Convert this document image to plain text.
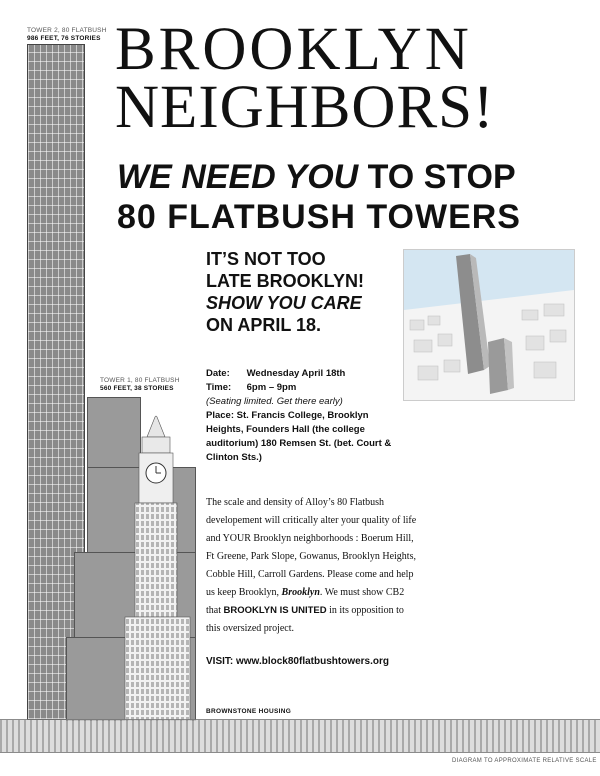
TOWER 2, 80 FLATBUSH
986 FEET, 76 STORIES
TOWER 1, 80 FLATBUSH
560 FEET, 38 STORIES
BROOKLYN
NEIGHBORS!
WE NEED YOU TO STOP
80 FLATBUSH TOWERS
IT’S NOT TOO
LATE BROOKLYN!
SHOW YOU CARE
ON APRIL 18.
Date: Wednesday April 18th
Time: 6pm – 9pm
(Seating limited. Get there early)
Place: St. Francis College, Brooklyn Heights, Founders Hall (the college auditorium) 180 Remsen St. (bet. Court & Clinton Sts.)
The scale and density of Alloy’s 80 Flatbush developement will critically alter your quality of life and YOUR Brooklyn neighborhoods : Boerum Hill, Ft Greene, Park Slope, Gowanus, Brooklyn Heights, Cobble Hill, Carroll Gardens. Please come and help us keep Brooklyn, Brooklyn. We must show CB2 that BROOKLYN IS UNITED in its opposition to this oversized project.
VISIT: www.block80flatbushtowers.org
BROWNSTONE HOUSING
DIAGRAM TO APPROXIMATE RELATIVE SCALE
